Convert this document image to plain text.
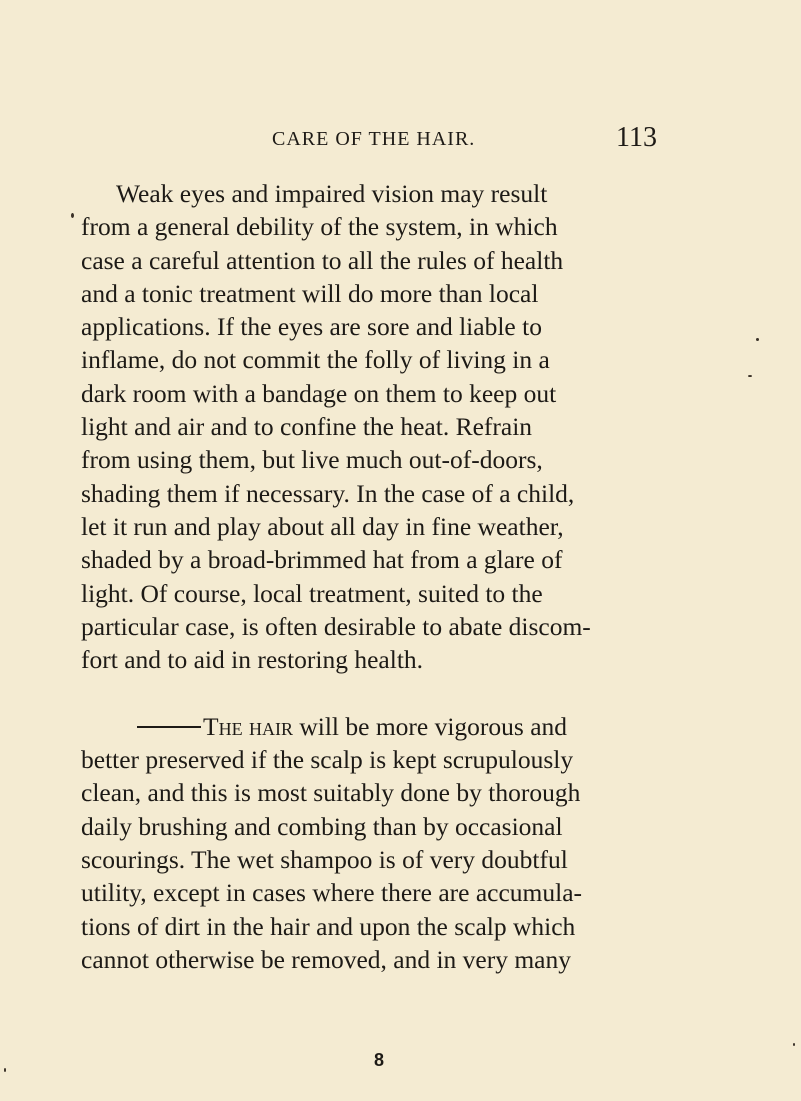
CARE OF THE HAIR.	113
Weak eyes and impaired vision may result
from a general debility of the system, in which
case a careful attention to all the rules of health
and a tonic treatment will do more than local
applications. If the eyes are sore and liable to
inflame, do not commit the folly of living in a
dark room with a bandage on them to keep out
light and air and to confine the heat. Refrain
from using them, but live much out-of-doors,
shading them if necessary. In the case of a child,
let it run and play about all day in fine weather,
shaded by a broad-brimmed hat from a glare of
light. Of course, local treatment, suited to the
particular case, is often desirable to abate discom-
fort and to aid in restoring health.
The hair will be more vigorous and
better preserved if the scalp is kept scrupulously
clean, and this is most suitably done by thorough
daily brushing and combing than by occasional
scourings. The wet shampoo is of very doubtful
utility, except in cases where there are accumula-
tions of dirt in the hair and upon the scalp which
cannot otherwise be removed, and in very many
8
